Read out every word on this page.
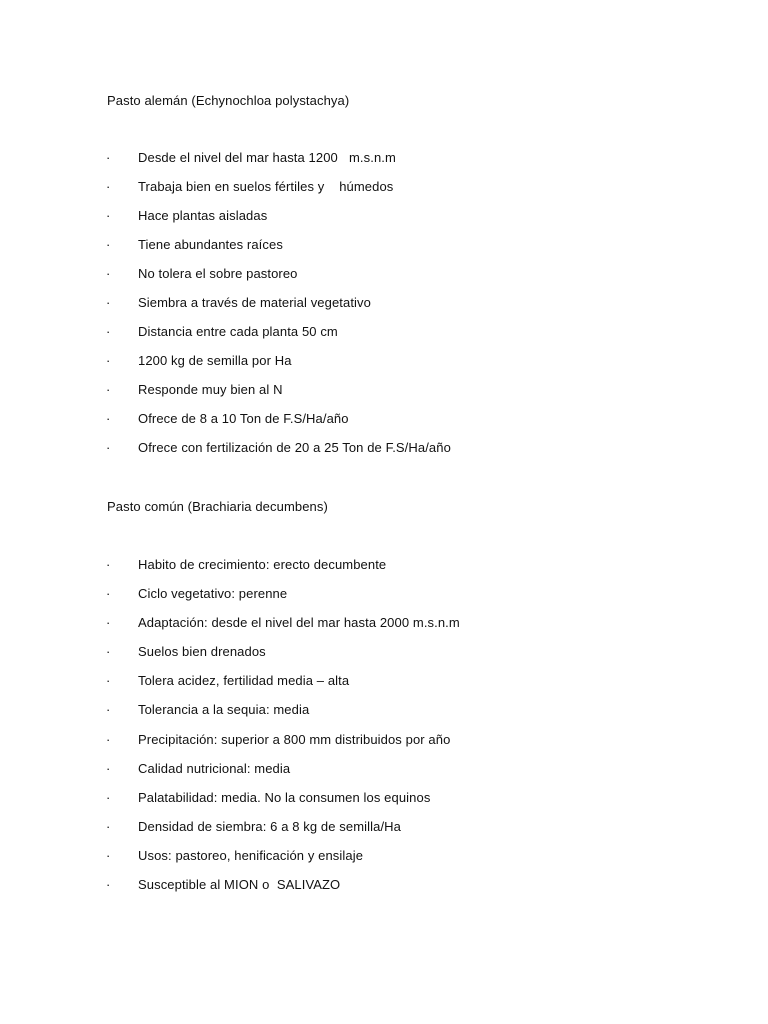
Pasto alemán (Echynochloa polystachya)
· Desde el nivel del mar hasta 1200   m.s.n.m
· Trabaja bien en suelos fértiles y    húmedos
· Hace plantas aisladas
· Tiene abundantes raíces
· No tolera el sobre pastoreo
· Siembra a través de material vegetativo
· Distancia entre cada planta 50 cm
· 1200 kg de semilla por Ha
· Responde muy bien al N
· Ofrece de 8 a 10 Ton de F.S/Ha/año
· Ofrece con fertilización de 20 a 25 Ton de F.S/Ha/año
Pasto común (Brachiaria decumbens)
· Habito de crecimiento: erecto decumbente
· Ciclo vegetativo: perenne
· Adaptación: desde el nivel del mar hasta 2000 m.s.n.m
· Suelos bien drenados
· Tolera acidez, fertilidad media – alta
· Tolerancia a la sequia: media
· Precipitación: superior a 800 mm distribuidos por año
· Calidad nutricional: media
· Palatabilidad: media. No la consumen los equinos
· Densidad de siembra: 6 a 8 kg de semilla/Ha
· Usos: pastoreo, henificación y ensilaje
· Susceptible al MION o  SALIVAZO
